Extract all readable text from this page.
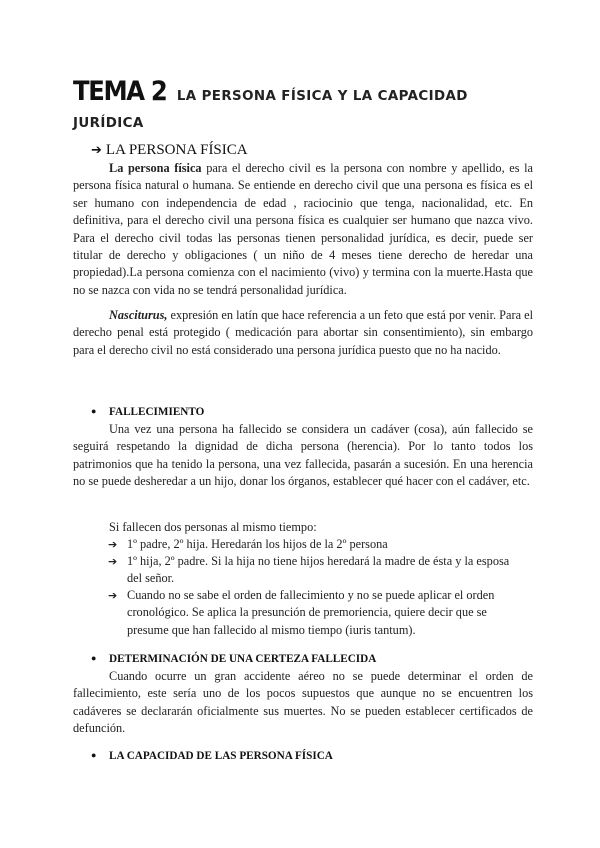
TEMA 2 LA PERSONA FÍSICA Y LA CAPACIDAD
JURÍDICA
➔ LA PERSONA FÍSICA
La persona física para el derecho civil es la persona con nombre y apellido, es la persona física natural o humana. Se entiende en derecho civil que una persona es física es el ser humano con independencia de edad , raciocinio que tenga, nacionalidad, etc. En definitiva, para el derecho civil una persona física es cualquier ser humano que nazca vivo. Para el derecho civil todas las personas tienen personalidad jurídica, es decir, puede ser titular de derecho y obligaciones ( un niño de 4 meses tiene derecho de heredar una propiedad).La persona comienza con el nacimiento (vivo) y termina con la muerte.Hasta que no se nazca con vida no se tendrá personalidad jurídica.
Nasciturus, expresión en latín que hace referencia a un feto que está por venir. Para el derecho penal está protegido ( medicación para abortar sin consentimiento), sin embargo para el derecho civil no está considerado una persona jurídica puesto que no ha nacido.
● FALLECIMIENTO
Una vez una persona ha fallecido se considera un cadáver (cosa), aún fallecido se seguirá respetando la dignidad de dicha persona (herencia). Por lo tanto todos los patrimonios que ha tenido la persona, una vez fallecida, pasarán a sucesión. En una herencia no se puede desheredar a un hijo, donar los órganos, establecer qué hacer con el cadáver, etc.
Si fallecen dos personas al mismo tiempo:
➔ 1º padre, 2º hija. Heredarán los hijos de la 2º persona
➔ 1º hija, 2º padre. Si la hija no tiene hijos heredará la madre de ésta y la esposa del señor.
➔ Cuando no se sabe el orden de fallecimiento y no se puede aplicar el orden cronológico. Se aplica la presunción de premoriencia, quiere decir que se presume que han fallecido al mismo tiempo (iuris tantum).
● DETERMINACIÓN DE UNA CERTEZA FALLECIDA
Cuando ocurre un gran accidente aéreo no se puede determinar el orden de fallecimiento, este sería uno de los pocos supuestos que aunque no se encuentren los cadáveres se declararán oficialmente sus muertes. No se pueden establecer certificados de defunción.
● LA CAPACIDAD DE LAS PERSONA FÍSICA
